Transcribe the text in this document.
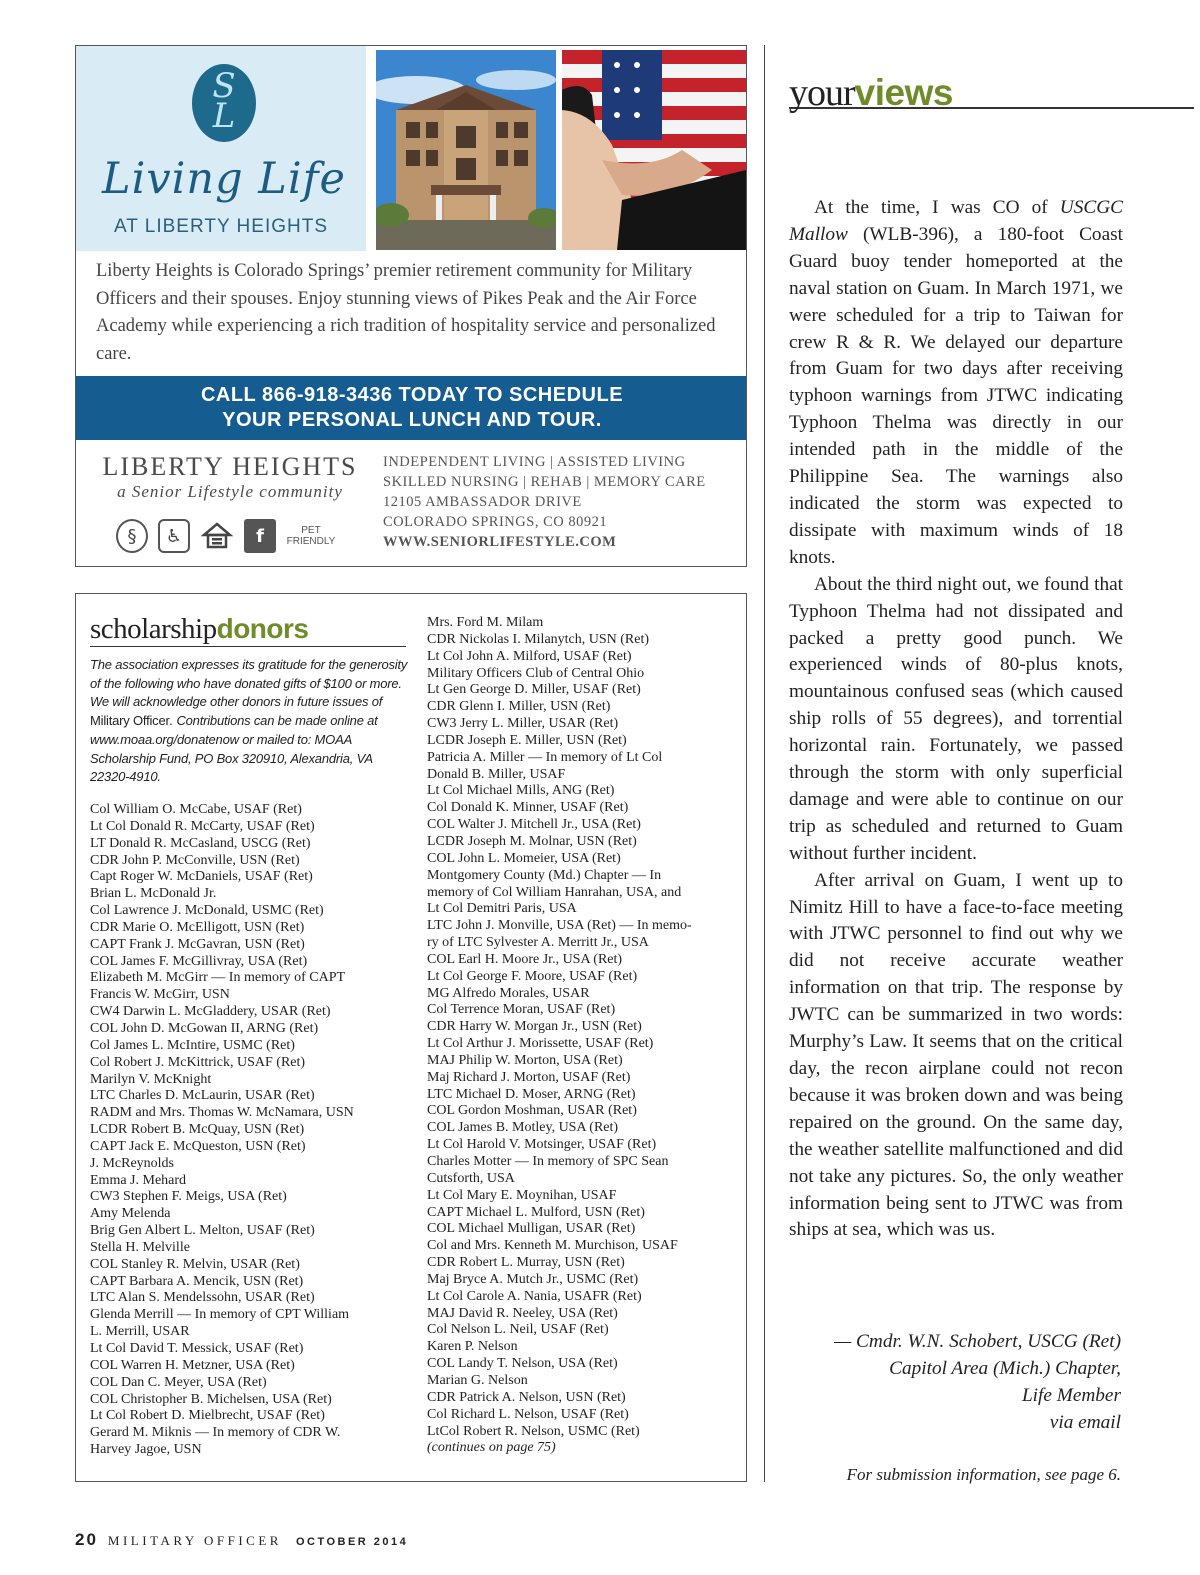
S
L
Living Life
AT LIBERTY HEIGHTS
Liberty Heights is Colorado Springs’ premier retirement community for Military Officers and their spouses. Enjoy stunning views of Pikes Peak and the Air Force Academy while experiencing a rich tradition of hospitality service and personalized care.
CALL 866-918-3436 TODAY TO SCHEDULE
YOUR PERSONAL LUNCH AND TOUR.
LIBERTY HEIGHTS
a Senior Lifestyle community
§	♿	f	PET FRIENDLY
INDEPENDENT LIVING | ASSISTED LIVING
SKILLED NURSING | REHAB | MEMORY CARE
12105 AMBASSADOR DRIVE
COLORADO SPRINGS, CO 80921
WWW.SENIORLIFESTYLE.COM
scholarshipdonors
The association expresses its gratitude for the generosity of the following who have donated gifts of $100 or more. We will acknowledge other donors in future issues of Military Officer. Contributions can be made online at www.moaa.org/donatenow or mailed to: MOAA Scholarship Fund, PO Box 320910, Alexandria, VA 22320-4910.
Col William O. McCabe, USAF (Ret)
Lt Col Donald R. McCarty, USAF (Ret)
LT Donald R. McCasland, USCG (Ret)
CDR John P. McConville, USN (Ret)
Capt Roger W. McDaniels, USAF (Ret)
Brian L. McDonald Jr.
Col Lawrence J. McDonald, USMC (Ret)
CDR Marie O. McElligott, USN (Ret)
CAPT Frank J. McGavran, USN (Ret)
COL James F. McGillivray, USA (Ret)
Elizabeth M. McGirr — In memory of CAPT
Francis W. McGirr, USN
CW4 Darwin L. McGladdery, USAR (Ret)
COL John D. McGowan II, ARNG (Ret)
Col James L. McIntire, USMC (Ret)
Col Robert J. McKittrick, USAF (Ret)
Marilyn V. McKnight
LTC Charles D. McLaurin, USAR (Ret)
RADM and Mrs. Thomas W. McNamara, USN
LCDR Robert B. McQuay, USN (Ret)
CAPT Jack E. McQueston, USN (Ret)
J. McReynolds
Emma J. Mehard
CW3 Stephen F. Meigs, USA (Ret)
Amy Melenda
Brig Gen Albert L. Melton, USAF (Ret)
Stella H. Melville
COL Stanley R. Melvin, USAR (Ret)
CAPT Barbara A. Mencik, USN (Ret)
LTC Alan S. Mendelssohn, USAR (Ret)
Glenda Merrill — In memory of CPT William
L. Merrill, USAR
Lt Col David T. Messick, USAF (Ret)
COL Warren H. Metzner, USA (Ret)
COL Dan C. Meyer, USA (Ret)
COL Christopher B. Michelsen, USA (Ret)
Lt Col Robert D. Mielbrecht, USAF (Ret)
Gerard M. Miknis — In memory of CDR W.
Harvey Jagoe, USN
Mrs. Ford M. Milam
CDR Nickolas I. Milanytch, USN (Ret)
Lt Col John A. Milford, USAF (Ret)
Military Officers Club of Central Ohio
Lt Gen George D. Miller, USAF (Ret)
CDR Glenn I. Miller, USN (Ret)
CW3 Jerry L. Miller, USAR (Ret)
LCDR Joseph E. Miller, USN (Ret)
Patricia A. Miller — In memory of Lt Col
Donald B. Miller, USAF
Lt Col Michael Mills, ANG (Ret)
Col Donald K. Minner, USAF (Ret)
COL Walter J. Mitchell Jr., USA (Ret)
LCDR Joseph M. Molnar, USN (Ret)
COL John L. Momeier, USA (Ret)
Montgomery County (Md.) Chapter — In
memory of Col William Hanrahan, USA, and
Lt Col Demitri Paris, USA
LTC John J. Monville, USA (Ret) — In memo-
ry of LTC Sylvester A. Merritt Jr., USA
COL Earl H. Moore Jr., USA (Ret)
Lt Col George F. Moore, USAF (Ret)
MG Alfredo Morales, USAR
Col Terrence Moran, USAF (Ret)
CDR Harry W. Morgan Jr., USN (Ret)
Lt Col Arthur J. Morissette, USAF (Ret)
MAJ Philip W. Morton, USA (Ret)
Maj Richard J. Morton, USAF (Ret)
LTC Michael D. Moser, ARNG (Ret)
COL Gordon Moshman, USAR (Ret)
COL James B. Motley, USA (Ret)
Lt Col Harold V. Motsinger, USAF (Ret)
Charles Motter — In memory of SPC Sean
Cutsforth, USA
Lt Col Mary E. Moynihan, USAF
CAPT Michael L. Mulford, USN (Ret)
COL Michael Mulligan, USAR (Ret)
Col and Mrs. Kenneth M. Murchison, USAF
CDR Robert L. Murray, USN (Ret)
Maj Bryce A. Mutch Jr., USMC (Ret)
Lt Col Carole A. Nania, USAFR (Ret)
MAJ David R. Neeley, USA (Ret)
Col Nelson L. Neil, USAF (Ret)
Karen P. Nelson
COL Landy T. Nelson, USA (Ret)
Marian G. Nelson
CDR Patrick A. Nelson, USN (Ret)
Col Richard L. Nelson, USAF (Ret)
LtCol Robert R. Nelson, USMC (Ret)
(continues on page 75)
yourviews

At the time, I was CO of USCGC Mallow (WLB-396), a 180-foot Coast Guard buoy tender homeported at the naval station on Guam. In March 1971, we were scheduled for a trip to Taiwan for crew R & R. We delayed our departure from Guam for two days after receiving typhoon warnings from JTWC indicating Typhoon Thelma was directly in our intended path in the middle of the Philippine Sea. The warnings also indicated the storm was expected to dissipate with maximum winds of 18 knots.

About the third night out, we found that Typhoon Thelma had not dissipated and packed a pretty good punch. We experienced winds of 80-plus knots, mountainous confused seas (which caused ship rolls of 55 degrees), and torrential horizontal rain. Fortunately, we passed through the storm with only superficial damage and were able to continue on our trip as scheduled and returned to Guam without further incident.

After arrival on Guam, I went up to Nimitz Hill to have a face-to-face meeting with JTWC personnel to find out why we did not receive accurate weather information on that trip. The response by JWTC can be summarized in two words: Murphy’s Law. It seems that on the critical day, the recon airplane could not recon because it was broken down and was being repaired on the ground. On the same day, the weather satellite malfunctioned and did not take any pictures. So, the only weather information being sent to JTWC was from ships at sea, which was us.

— Cmdr. W.N. Schobert, USCG (Ret)
Capitol Area (Mich.) Chapter,
Life Member
via email
For submission information, see page 6.
20 MILITARY OFFICER OCTOBER 2014
